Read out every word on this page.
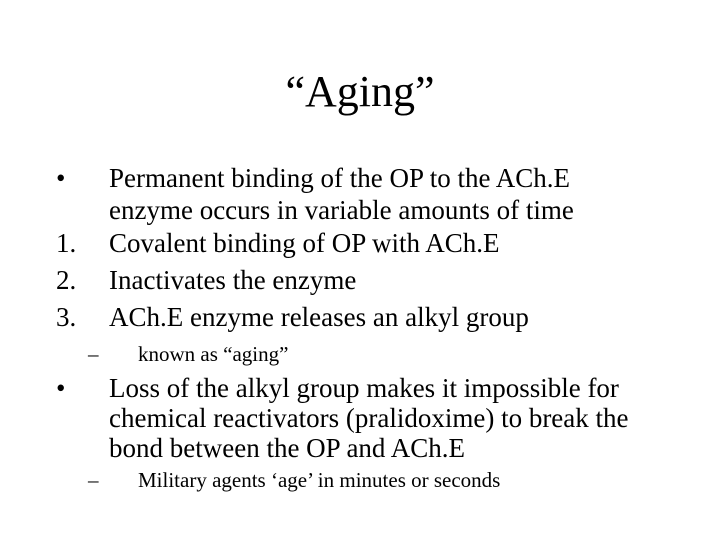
“Aging”
• Permanent binding of the OP to the ACh.E
enzyme occurs in variable amounts of time
1. Covalent binding of OP with ACh.E
2. Inactivates the enzyme
3. ACh.E enzyme releases an alkyl group
– known as “aging”
• Loss of the alkyl group makes it impossible for
chemical reactivators (pralidoxime) to break the
bond between the OP and ACh.E
– Military agents ‘age’ in minutes or seconds
